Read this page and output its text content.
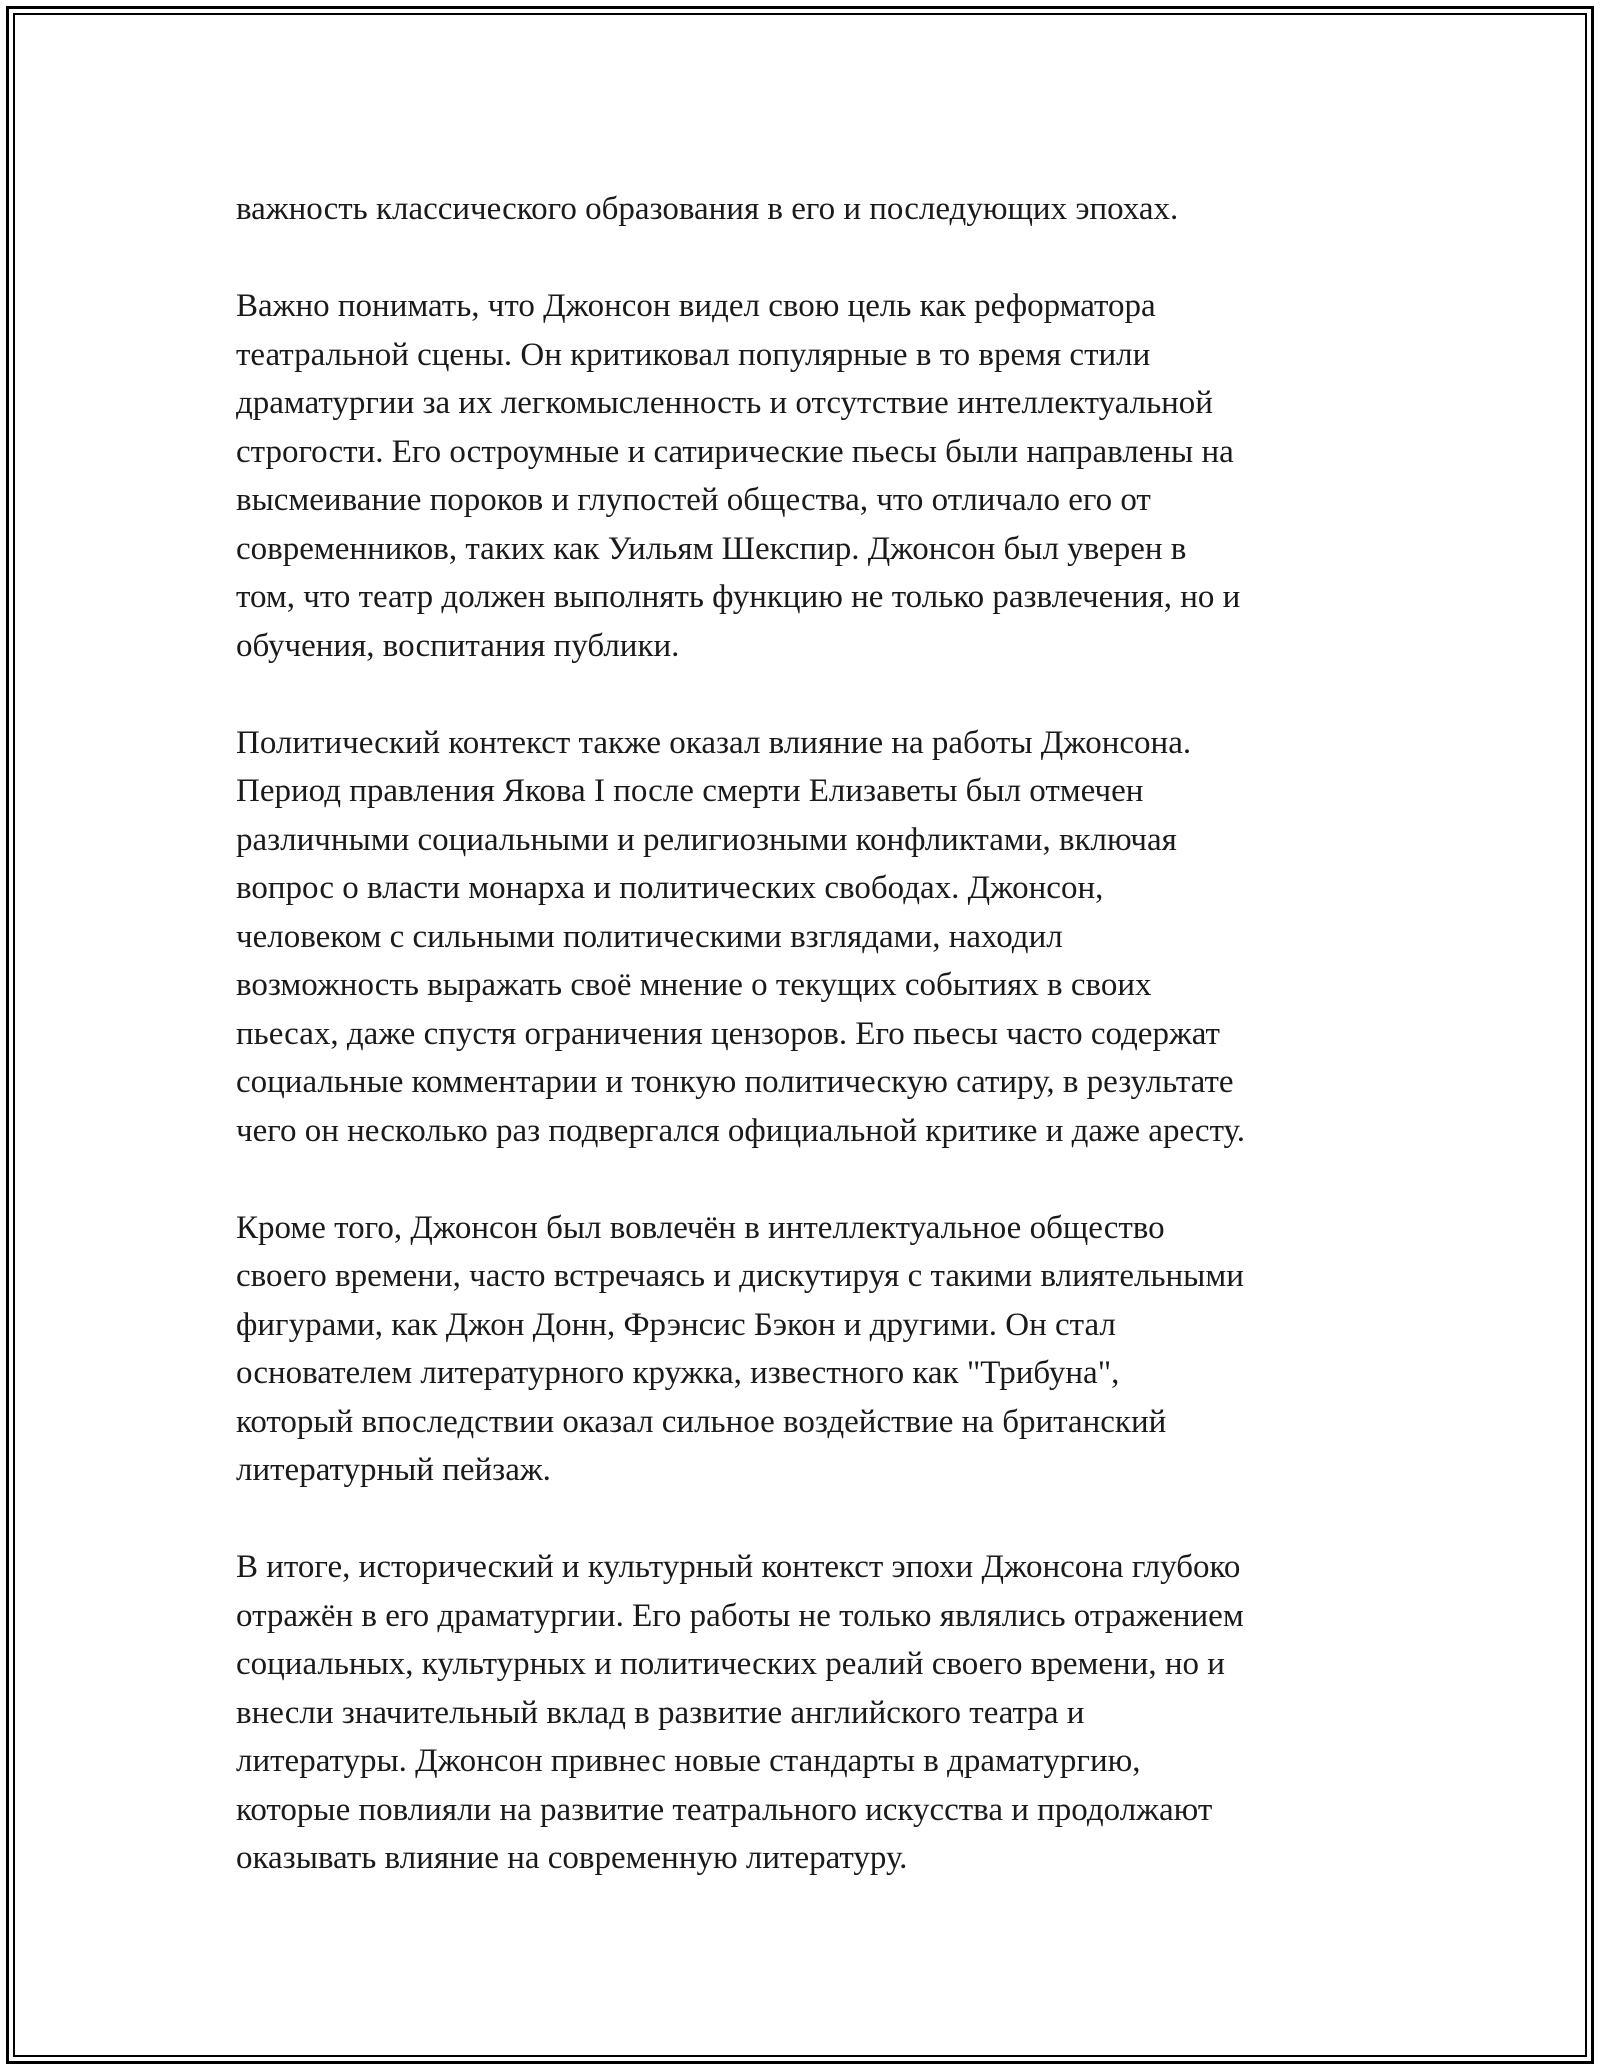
важность классического образования в его и последующих эпохах.

Важно понимать, что Джонсон видел свою цель как реформатора
театральной сцены. Он критиковал популярные в то время стили
драматургии за их легкомысленность и отсутствие интеллектуальной
строгости. Его остроумные и сатирические пьесы были направлены на
высмеивание пороков и глупостей общества, что отличало его от
современников, таких как Уильям Шекспир. Джонсон был уверен в
том, что театр должен выполнять функцию не только развлечения, но и
обучения, воспитания публики.

Политический контекст также оказал влияние на работы Джонсона.
Период правления Якова I после смерти Елизаветы был отмечен
различными социальными и религиозными конфликтами, включая
вопрос о власти монарха и политических свободах. Джонсон,
человеком с сильными политическими взглядами, находил
возможность выражать своё мнение о текущих событиях в своих
пьесах, даже спустя ограничения цензоров. Его пьесы часто содержат
социальные комментарии и тонкую политическую сатиру, в результате
чего он несколько раз подвергался официальной критике и даже аресту.

Кроме того, Джонсон был вовлечён в интеллектуальное общество
своего времени, часто встречаясь и дискутируя с такими влиятельными
фигурами, как Джон Донн, Фрэнсис Бэкон и другими. Он стал
основателем литературного кружка, известного как "Трибуна",
который впоследствии оказал сильное воздействие на британский
литературный пейзаж.

В итоге, исторический и культурный контекст эпохи Джонсона глубоко
отражён в его драматургии. Его работы не только являлись отражением
социальных, культурных и политических реалий своего времени, но и
внесли значительный вклад в развитие английского театра и
литературы. Джонсон привнес новые стандарты в драматургию,
которые повлияли на развитие театрального искусства и продолжают
оказывать влияние на современную литературу.
